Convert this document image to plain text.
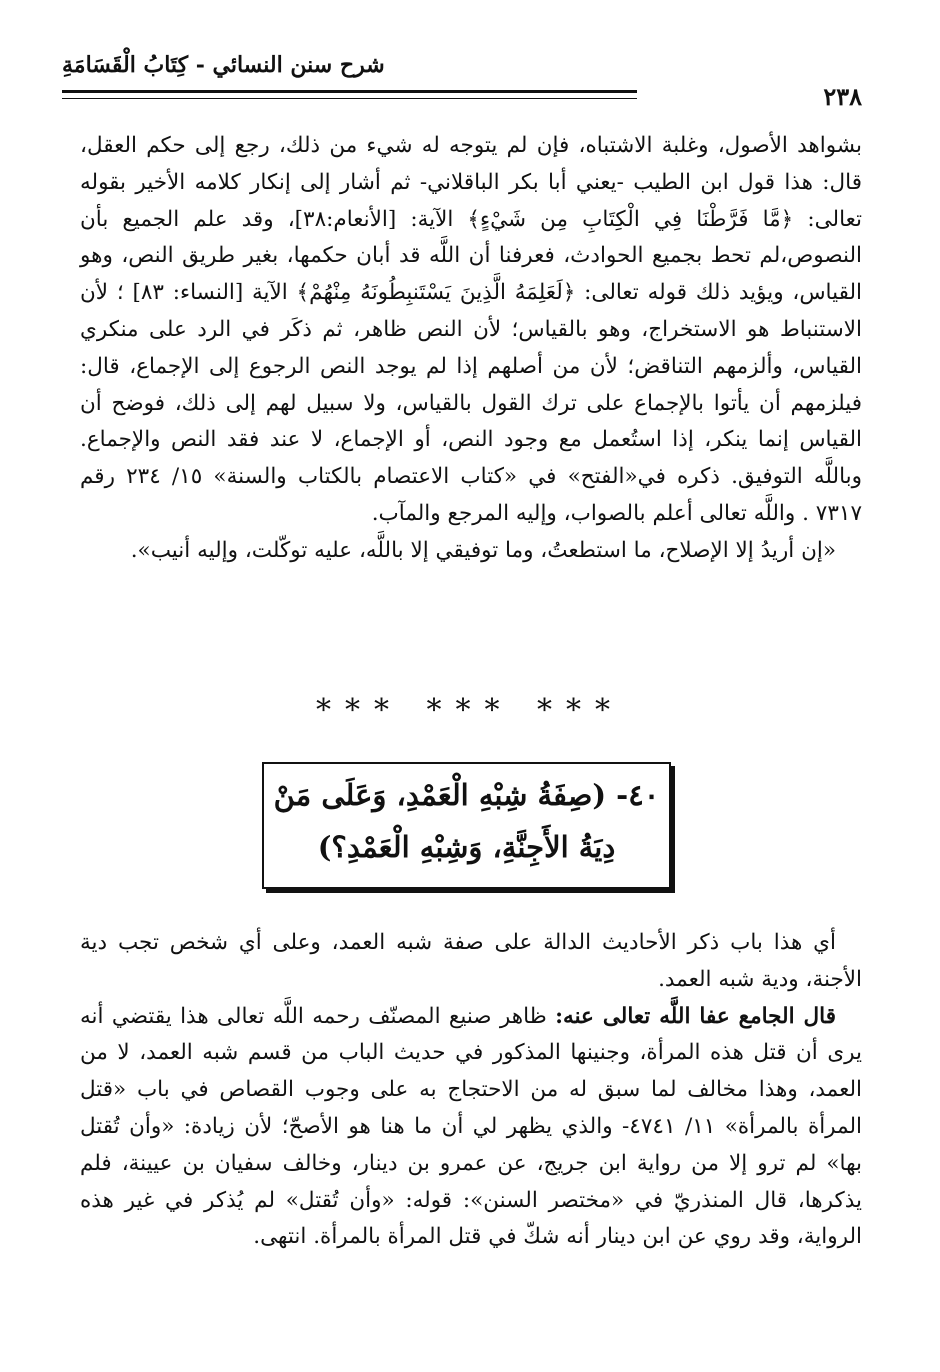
شرح سنن النسائي - كِتَابُ الْقَسَامَةِ
٢٣٨

بشواهد الأصول، وغلبة الاشتباه، فإن لم يتوجه له شيء من ذلك، رجع إلى حكم العقل، قال: هذا قول ابن الطيب -يعني أبا بكر الباقلاني- ثم أشار إلى إنكار كلامه الأخير بقوله تعالى: ﴿مَّا فَرَّطْنَا فِي الْكِتَابِ مِن شَيْءٍ﴾ الآية: [الأنعام:٣٨]، وقد علم الجميع بأن النصوص،لم تحط بجميع الحوادث، فعرفنا أن اللَّه قد أبان حكمها، بغير طريق النص، وهو القياس، ويؤيد ذلك قوله تعالى: ﴿لَعَلِمَهُ الَّذِينَ يَسْتَنبِطُونَهُ مِنْهُمْ﴾ الآية [النساء: ٨٣] ؛ لأن الاستنباط هو الاستخراج، وهو بالقياس؛ لأن النص ظاهر، ثم ذكَر في الرد على منكري القياس، وألزمهم التناقض؛ لأن من أصلهم إذا لم يوجد النص الرجوع إلى الإجماع، قال: فيلزمهم أن يأتوا بالإجماع على ترك القول بالقياس، ولا سبيل لهم إلى ذلك، فوضح أن القياس إنما ينكر، إذا استُعمل مع وجود النص، أو الإجماع، لا عند فقد النص والإجماع. وباللَّه التوفيق. ذكره في«الفتح» في «كتاب الاعتصام بالكتاب والسنة» ١٥/ ٢٣٤ رقم ٧٣١٧ . واللَّه تعالى أعلم بالصواب، وإليه المرجع والمآب.

«إن أريدُ إلا الإصلاح، ما استطعتُ، وما توفيقي إلا باللَّه، عليه توكّلت، وإليه أنيب».

*** *** ***
٤٠- (صِفَةُ شِبْهِ الْعَمْدِ، وَعَلَى مَنْ
دِيَةُ الأَجِنَّةِ، وَشِبْهِ الْعَمْدِ؟)

أي هذا باب ذكر الأحاديث الدالة على صفة شبه العمد، وعلى أي شخص تجب دية الأجنة، ودية شبه العمد.

قال الجامع عفا اللَّه تعالى عنه: ظاهر صنيع المصنّف رحمه اللَّه تعالى هذا يقتضي أنه يرى أن قتل هذه المرأة، وجنينها المذكور في حديث الباب من قسم شبه العمد، لا من العمد، وهذا مخالف لما سبق له من الاحتجاج به على وجوب القصاص في باب «قتل المرأة بالمرأة» ١١/ ٤٧٤١- والذي يظهر لي أن ما هنا هو الأصحّ؛ لأن زيادة: «وأن تُقتل بها» لم ترو إلا من رواية ابن جريج، عن عمرو بن دينار، وخالف سفيان بن عيينة، فلم يذكرها، قال المنذريّ في «مختصر السنن»: قوله: «وأن تُقتل» لم يُذكر في غير هذه الرواية، وقد روي عن ابن دينار أنه شكّ في قتل المرأة بالمرأة. انتهى.
